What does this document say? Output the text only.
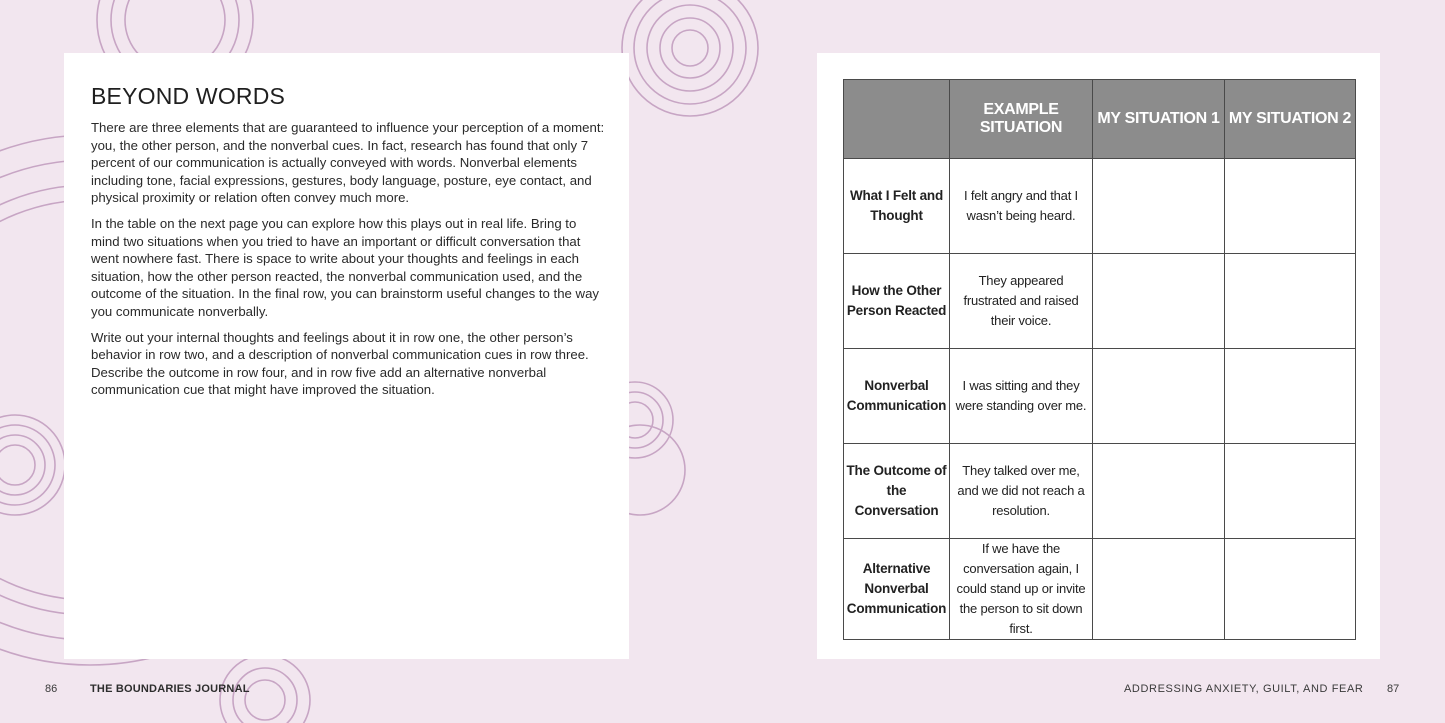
BEYOND WORDS

There are three elements that are guaranteed to influence your perception of a moment: you, the other person, and the nonverbal cues. In fact, research has found that only 7 percent of our communication is actually conveyed with words. Nonverbal elements including tone, facial expressions, gestures, body language, posture, eye contact, and physical proximity or relation often convey much more.

In the table on the next page you can explore how this plays out in real life. Bring to mind two situations when you tried to have an important or difficult conversation that went nowhere fast. There is space to write about your thoughts and feelings in each situation, how the other person reacted, the nonverbal communication used, and the outcome of the situation. In the final row, you can brainstorm useful changes to the way you communicate nonverbally.

Write out your internal thoughts and feelings about it in row one, the other person’s behavior in row two, and a description of nonverbal communication cues in row three. Describe the outcome in row four, and in row five add an alternative nonverbal communication cue that might have improved the situation.

	EXAMPLE SITUATION	MY SITUATION 1	MY SITUATION 2
What I Felt and Thought	I felt angry and that I wasn’t being heard.		
How the Other Person Reacted	They appeared frustrated and raised their voice.		
Nonverbal Communication	I was sitting and they were standing over me.		
The Outcome of the Conversation	They talked over me, and we did not reach a resolution.		
Alternative Nonverbal Communication	If we have the conversation again, I could stand up or invite the person to sit down first.		
86	THE BOUNDARIES JOURNAL	ADDRESSING ANXIETY, GUILT, AND FEAR 87
